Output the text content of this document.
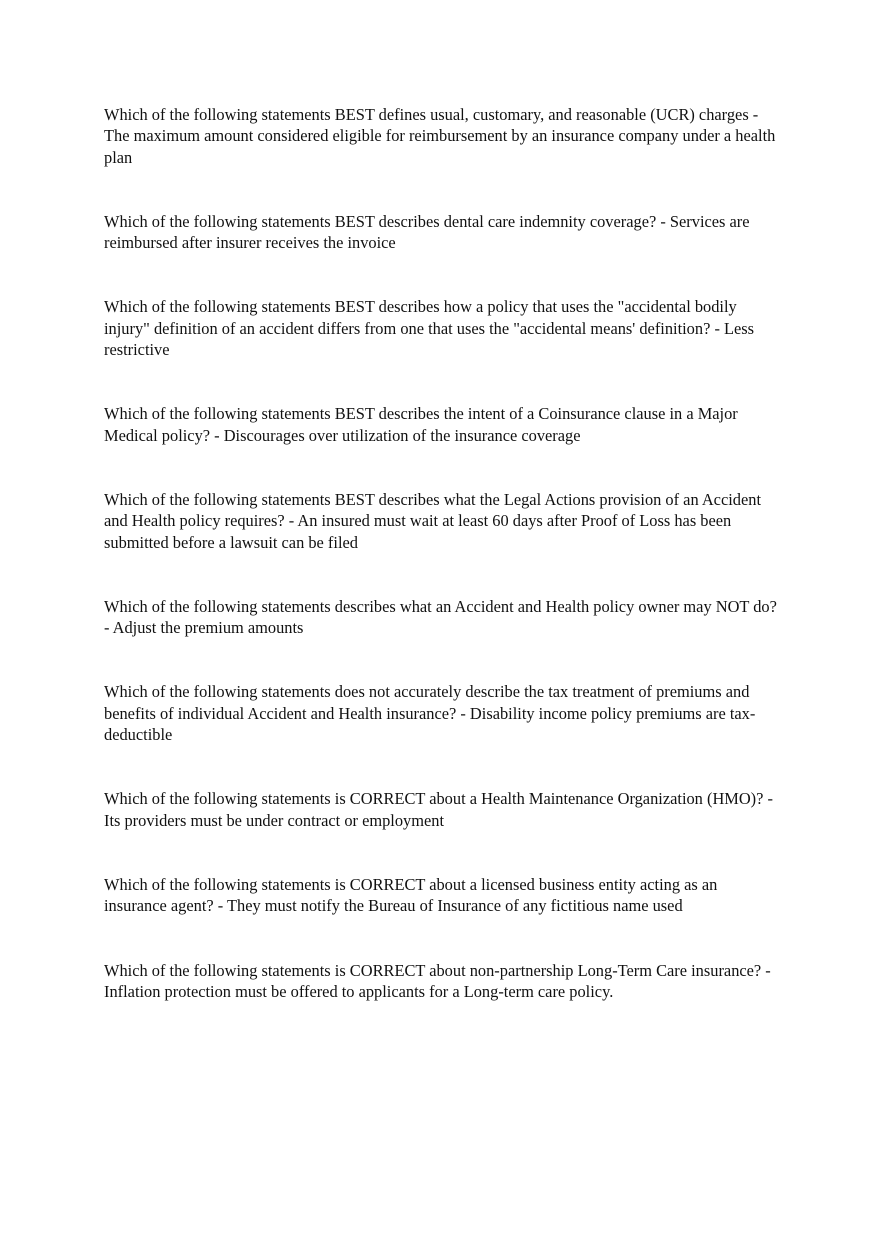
Which of the following statements BEST defines usual, customary, and reasonable (UCR) charges - The maximum amount considered eligible for reimbursement by an insurance company under a health plan
Which of the following statements BEST describes dental care indemnity coverage? - Services are reimbursed after insurer receives the invoice
Which of the following statements BEST describes how a policy that uses the "accidental bodily injury" definition of an accident differs from one that uses the "accidental means' definition? - Less restrictive
Which of the following statements BEST describes the intent of a Coinsurance clause in a Major Medical policy? - Discourages over utilization of the insurance coverage
Which of the following statements BEST describes what the Legal Actions provision of an Accident and Health policy requires? - An insured must wait at least 60 days after Proof of Loss has been submitted before a lawsuit can be filed
Which of the following statements describes what an Accident and Health policy owner may NOT do? - Adjust the premium amounts
Which of the following statements does not accurately describe the tax treatment of premiums and benefits of individual Accident and Health insurance? - Disability income policy premiums are tax-deductible
Which of the following statements is CORRECT about a Health Maintenance Organization (HMO)? - Its providers must be under contract or employment
Which of the following statements is CORRECT about a licensed business entity acting as an insurance agent? - They must notify the Bureau of Insurance of any fictitious name used
Which of the following statements is CORRECT about non-partnership Long-Term Care insurance? - Inflation protection must be offered to applicants for a Long-term care policy.
